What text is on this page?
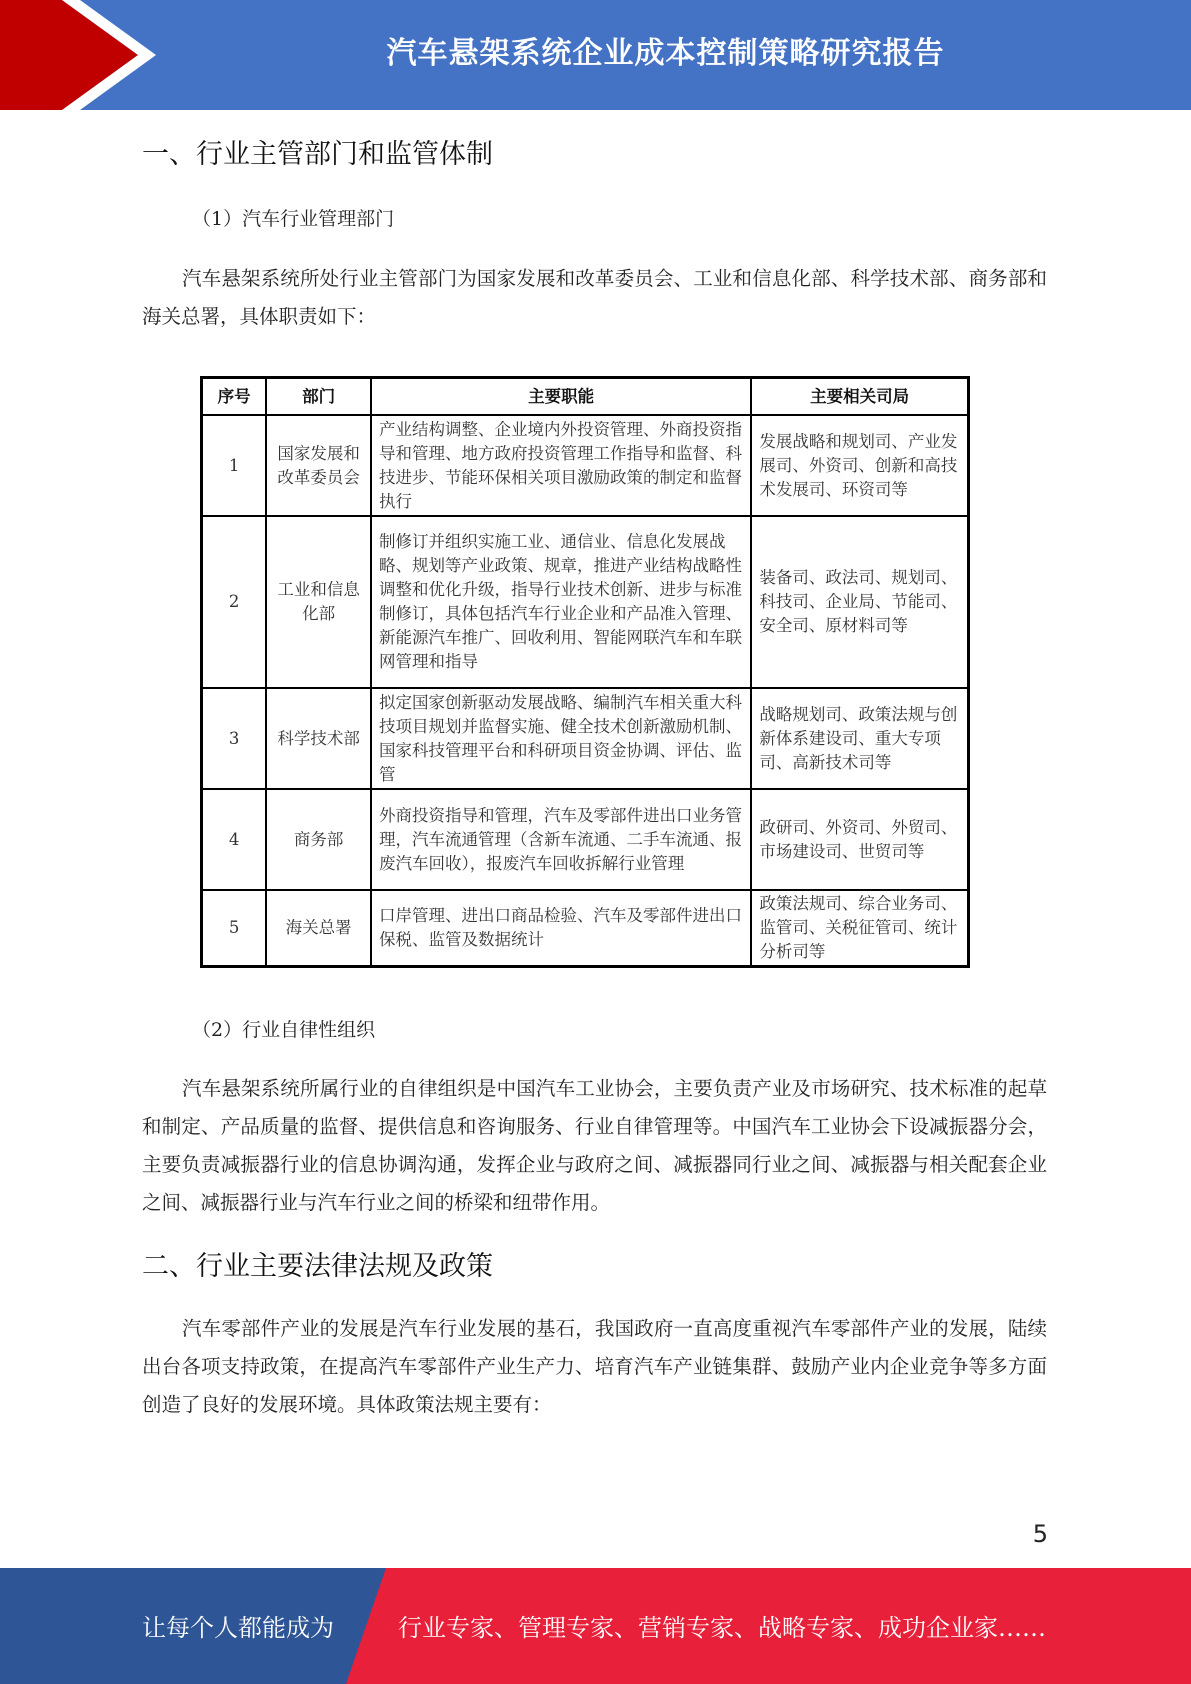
汽车悬架系统企业成本控制策略研究报告
一、行业主管部门和监管体制
（1）汽车行业管理部门
汽车悬架系统所处行业主管部门为国家发展和改革委员会、工业和信息化部、科学技术部、商务部和海关总署，具体职责如下：
序号	部门	主要职能	主要相关司局
1	国家发展和改革委员会	产业结构调整、企业境内外投资管理、外商投资指导和管理、地方政府投资管理工作指导和监督、科技进步、节能环保相关项目激励政策的制定和监督执行	发展战略和规划司、产业发展司、外资司、创新和高技术发展司、环资司等
2	工业和信息化部	制修订并组织实施工业、通信业、信息化发展战略、规划等产业政策、规章，推进产业结构战略性调整和优化升级，指导行业技术创新、进步与标准制修订，具体包括汽车行业企业和产品准入管理、新能源汽车推广、回收利用、智能网联汽车和车联网管理和指导	装备司、政法司、规划司、科技司、企业局、节能司、安全司、原材料司等
3	科学技术部	拟定国家创新驱动发展战略、编制汽车相关重大科技项目规划并监督实施、健全技术创新激励机制、国家科技管理平台和科研项目资金协调、评估、监管	战略规划司、政策法规与创新体系建设司、重大专项司、高新技术司等
4	商务部	外商投资指导和管理，汽车及零部件进出口业务管理，汽车流通管理（含新车流通、二手车流通、报废汽车回收），报废汽车回收拆解行业管理	政研司、外资司、外贸司、市场建设司、世贸司等
5	海关总署	口岸管理、进出口商品检验、汽车及零部件进出口保税、监管及数据统计	政策法规司、综合业务司、监管司、关税征管司、统计分析司等
（2）行业自律性组织
汽车悬架系统所属行业的自律组织是中国汽车工业协会，主要负责产业及市场研究、技术标准的起草和制定、产品质量的监督、提供信息和咨询服务、行业自律管理等。中国汽车工业协会下设减振器分会，主要负责减振器行业的信息协调沟通，发挥企业与政府之间、减振器同行业之间、减振器与相关配套企业之间、减振器行业与汽车行业之间的桥梁和纽带作用。
二、行业主要法律法规及政策
汽车零部件产业的发展是汽车行业发展的基石，我国政府一直高度重视汽车零部件产业的发展，陆续出台各项支持政策，在提高汽车零部件产业生产力、培育汽车产业链集群、鼓励产业内企业竞争等多方面创造了良好的发展环境。具体政策法规主要有：
5
让每个人都能成为	行业专家、管理专家、营销专家、战略专家、成功企业家……
